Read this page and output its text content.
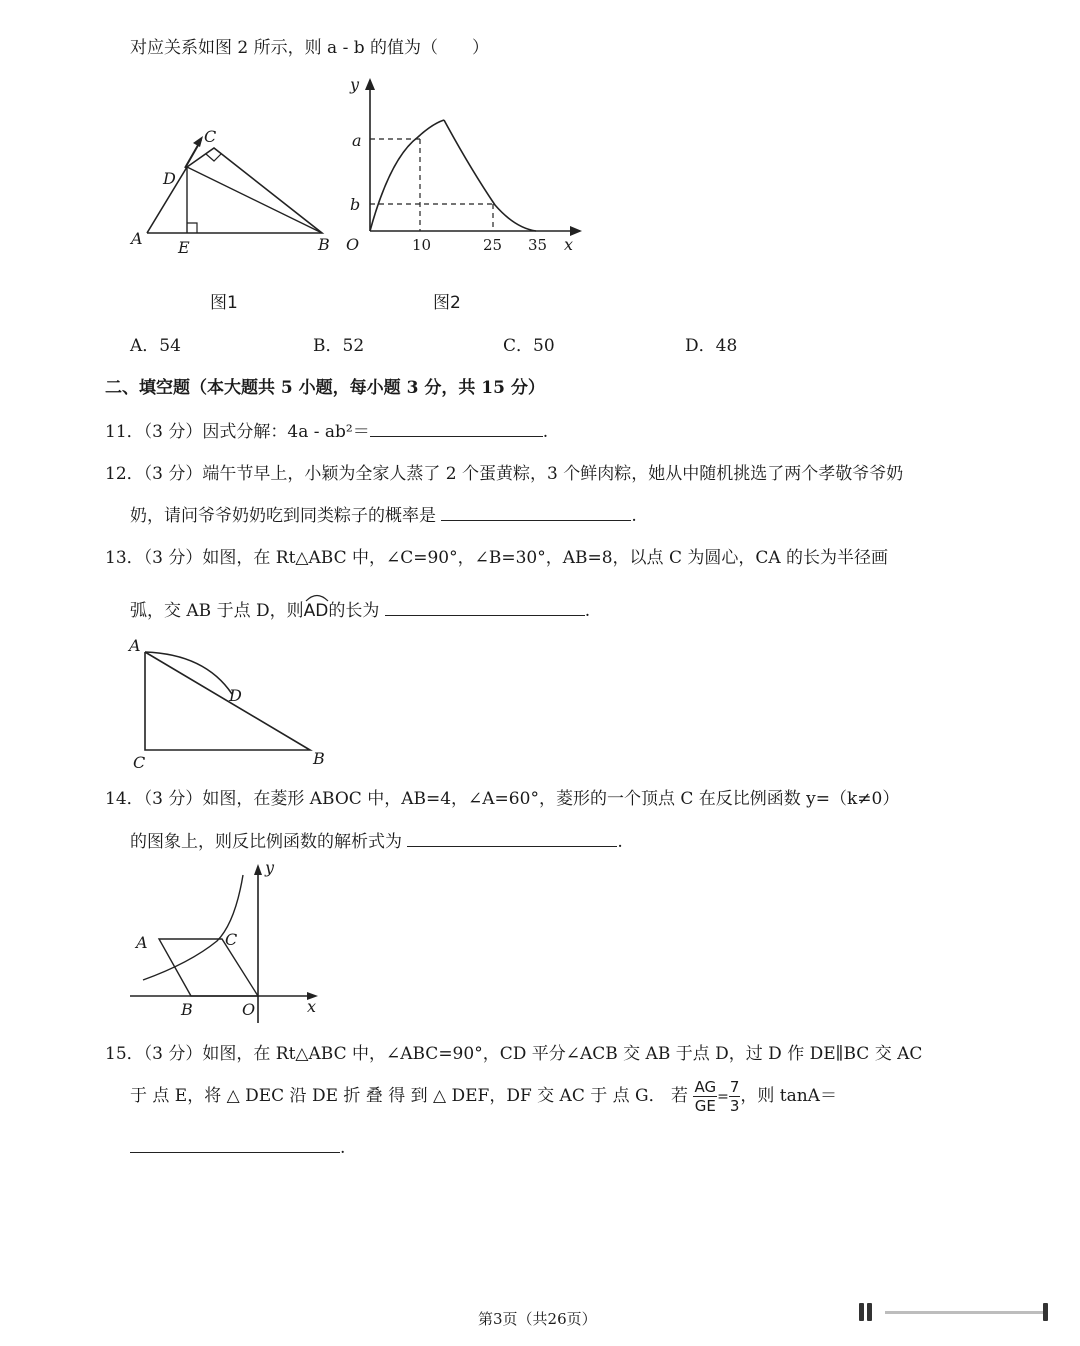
对应关系如图 2 所示，则 a - b 的值为（　　）
A	B
C
D
E
图1
y
x
O
a
b
10	25 35
图2
A．54	B．52	C．50	D．48
二、填空题（本大题共 5 小题，每小题 3 分，共 15 分）
11．（3 分）因式分解：4a - ab²＝	.
12．（3 分）端午节早上，小颖为全家人蒸了 2 个蛋黄粽，3 个鲜肉粽，她从中随机挑选了两个孝敬爷爷奶
奶，请问爷爷奶奶吃到同类粽子的概率是	.
13．（3 分）如图，在 Rt△ABC 中，∠C=90°，∠B=30°，AB=8，以点 C 为圆心，CA 的长为半径画
弧，交 AB 于点 D，则
AD的长为	.
A
C	B
D
14．（3 分）如图，在菱形 ABOC 中，AB=4，∠A=60°，菱形的一个顶点 C 在反比例函数 y=（k≠0）
的图象上，则反比例函数的解析式为	.
A	C
B	O	x
y
15．（3 分）如图，在 Rt△ABC 中，∠ABC=90°，CD 平分∠ACB 交 AB 于点 D，过 D 作 DE∥BC 交 AC
于 点 E，将 △ DEC 沿 DE 折 叠 得 到 △ DEF，DF 交 AC 于 点 G． 若 $\frac{AG}{GE} = \frac{7}{3}$ ，则 tanA＝
.
第3页（共26页）
